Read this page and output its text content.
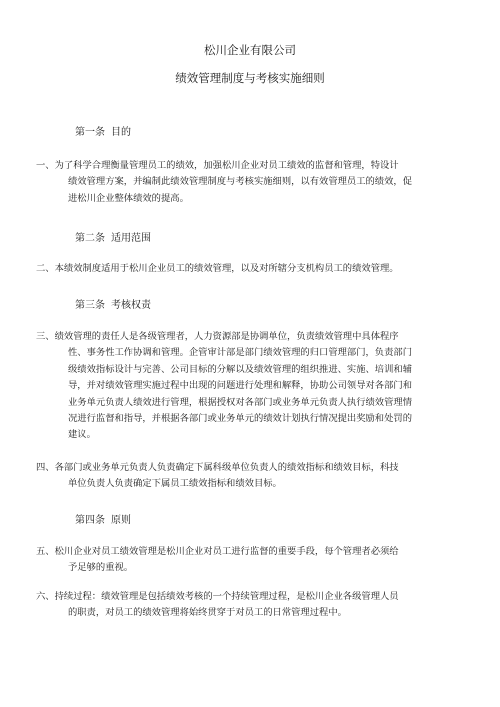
松川企业有限公司
绩效管理制度与考核实施细则
第一条 目的
一、为了科学合理衡量管理员工的绩效，加强松川企业对员工绩效的监督和管理，特设计
绩效管理方案，并编制此绩效管理制度与考核实施细则，以有效管理员工的绩效，促
进松川企业整体绩效的提高。
第二条 适用范围
二、本绩效制度适用于松川企业员工的绩效管理，以及对所辖分支机构员工的绩效管理。
第三条 考核权责
三、绩效管理的责任人是各级管理者，人力资源部是协调单位，负责绩效管理中具体程序
性、事务性工作协调和管理。企管审计部是部门绩效管理的归口管理部门，负责部门
级绩效指标设计与完善、公司目标的分解以及绩效管理的组织推进、实施、培训和辅
导，并对绩效管理实施过程中出现的问题进行处理和解释，协助公司领导对各部门和
业务单元负责人绩效进行管理，根据授权对各部门或业务单元负责人执行绩效管理情
况进行监督和指导，并根据各部门或业务单元的绩效计划执行情况提出奖励和处罚的
建议。
四、各部门或业务单元负责人负责确定下属科级单位负责人的绩效指标和绩效目标，科技
单位负责人负责确定下属员工绩效指标和绩效目标。
第四条 原则
五、松川企业对员工绩效管理是松川企业对员工进行监督的重要手段，每个管理者必须给
予足够的重视。
六、持续过程：绩效管理是包括绩效考核的一个持续管理过程，是松川企业各级管理人员
的职责，对员工的绩效管理将始终贯穿于对员工的日常管理过程中。
